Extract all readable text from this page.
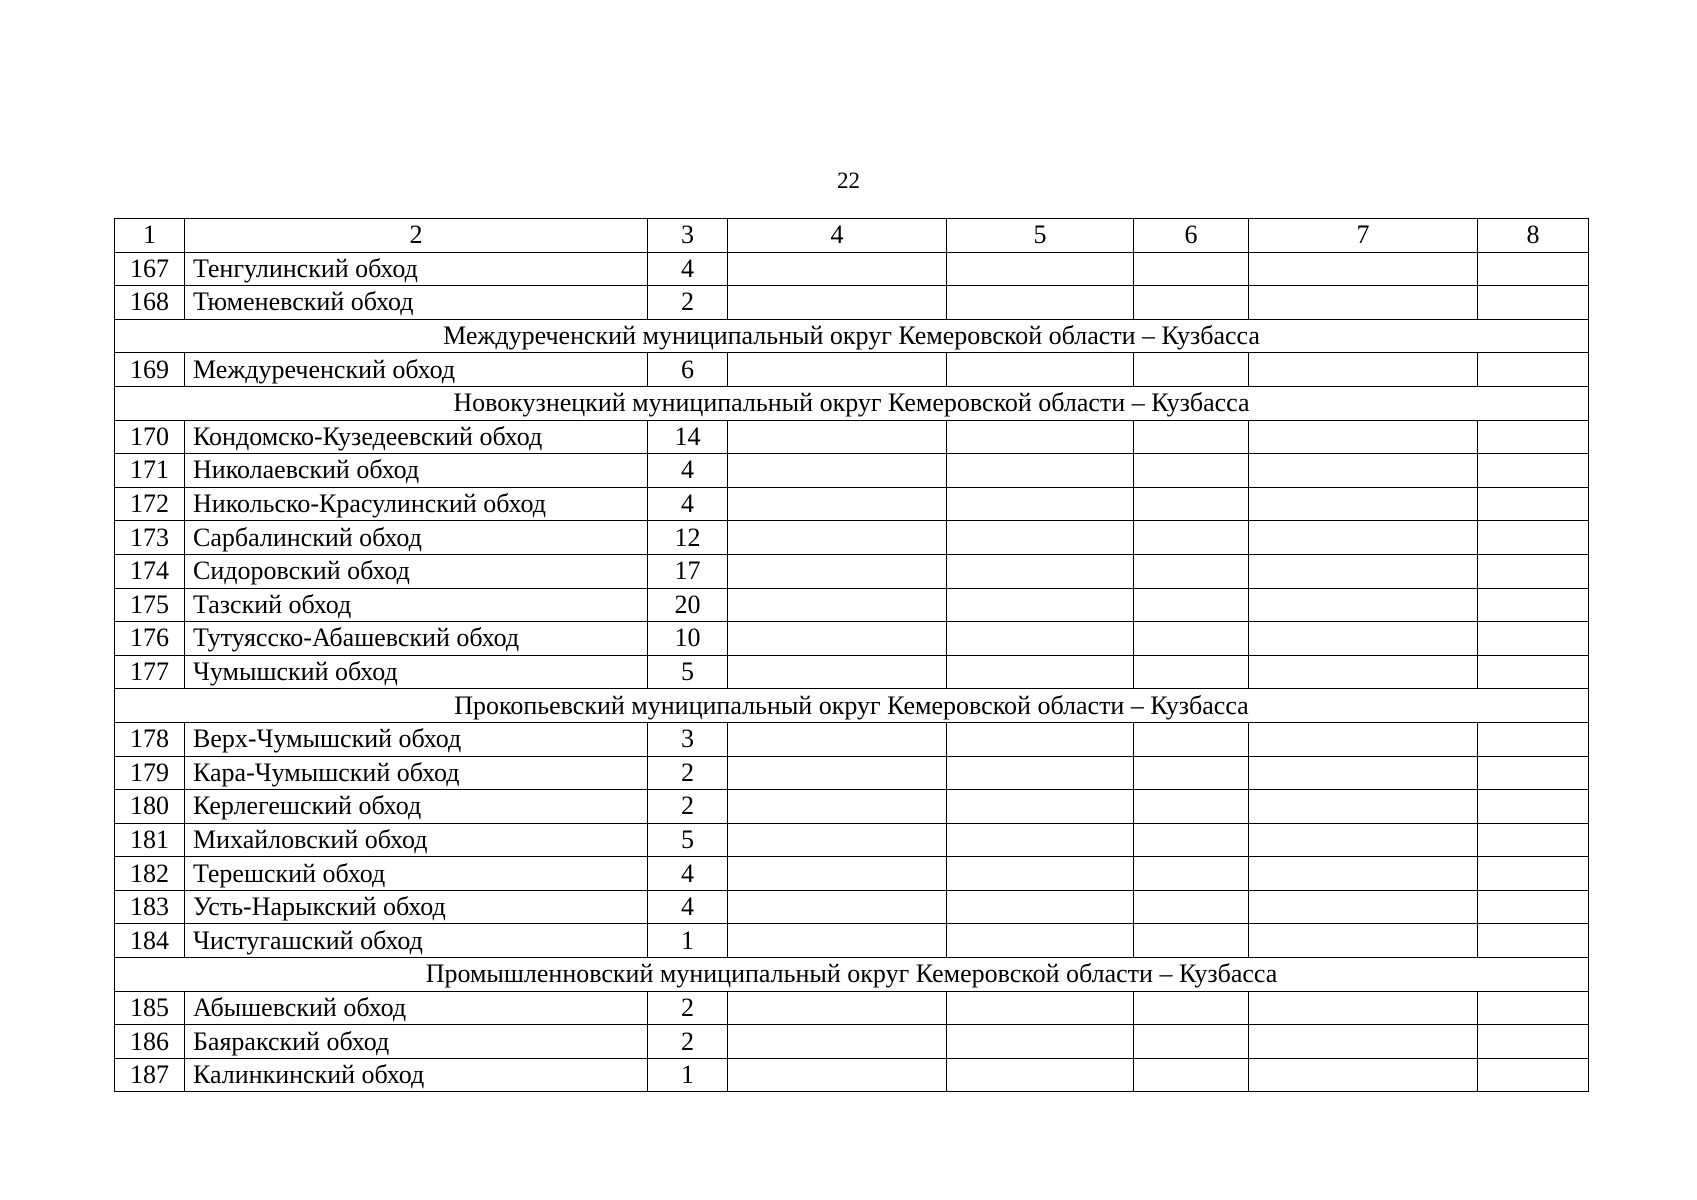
22
1	2	3	4	5	6	7	8
167	Тенгулинский обход	4					
168	Тюменевский обход	2					
Междуреченский муниципальный округ Кемеровской области – Кузбасса							
169	Междуреченский обход	6					
Новокузнецкий муниципальный округ Кемеровской области – Кузбасса							
170	Кондомско-Кузедеевский обход	14					
171	Николаевский обход	4					
172	Никольско-Красулинский обход	4					
173	Сарбалинский обход	12					
174	Сидоровский обход	17					
175	Тазский обход	20					
176	Тутуясско-Абашевский обход	10					
177	Чумышский обход	5					
Прокопьевский муниципальный округ Кемеровской области – Кузбасса							
178	Верх-Чумышский обход	3					
179	Кара-Чумышский обход	2					
180	Керлегешский обход	2					
181	Михайловский обход	5					
182	Терешский обход	4					
183	Усть-Нарыкский обход	4					
184	Чистугашский обход	1					
Промышленновский муниципальный округ Кемеровской области – Кузбасса							
185	Абышевский обход	2					
186	Баяракский обход	2					
187	Калинкинский обход	1					
